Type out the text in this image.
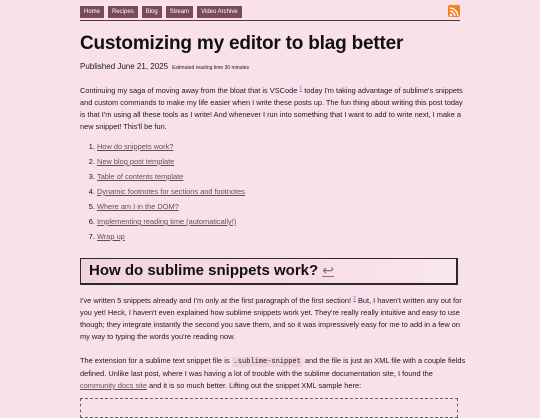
Home	Recipes	Blog	Stream	Video Archive
Customizing my editor to blag better
Published June 21, 2025 Estimated reading time 30 minutes

Continuing my saga of moving away from the bloat that is VSCode $^1$ today I'm taking advantage of sublime's snippets and custom commands to make my life easier when I write these posts up. The fun thing about writing this post today is that I'm using all these tools as I write! And whenever I run into something that I want to add to write next, I make a new snippet! This'll be fun.

1. How do snippets work?
2. New blog post template
3. Table of contents template
4. Dynamic footnotes for sections and footnotes
5. Where am I in the DOM?
6. Implementing reading time (automatically!)
7. Wrap up
How do sublime snippets work? ↩

I've written 5 snippets already and I'm only at the first paragraph of the first section! $^2$ But, I haven't written any out for you yet! Heck, I haven't even explained how sublime snippets work yet. They're really really intuitive and easy to use though; they integrate instantly the second you save them, and so it was impressively easy for me to add in a few on my way to typing the words you're reading now.

The extension for a sublime text snippet file is .sublime-snippet and the file is just an XML file with a couple fields defined. Unlike last post, where I was having a lot of trouble with the sublime documentation site, I found the community docs site and it is so much better. Lifting out the snippet XML sample here:
